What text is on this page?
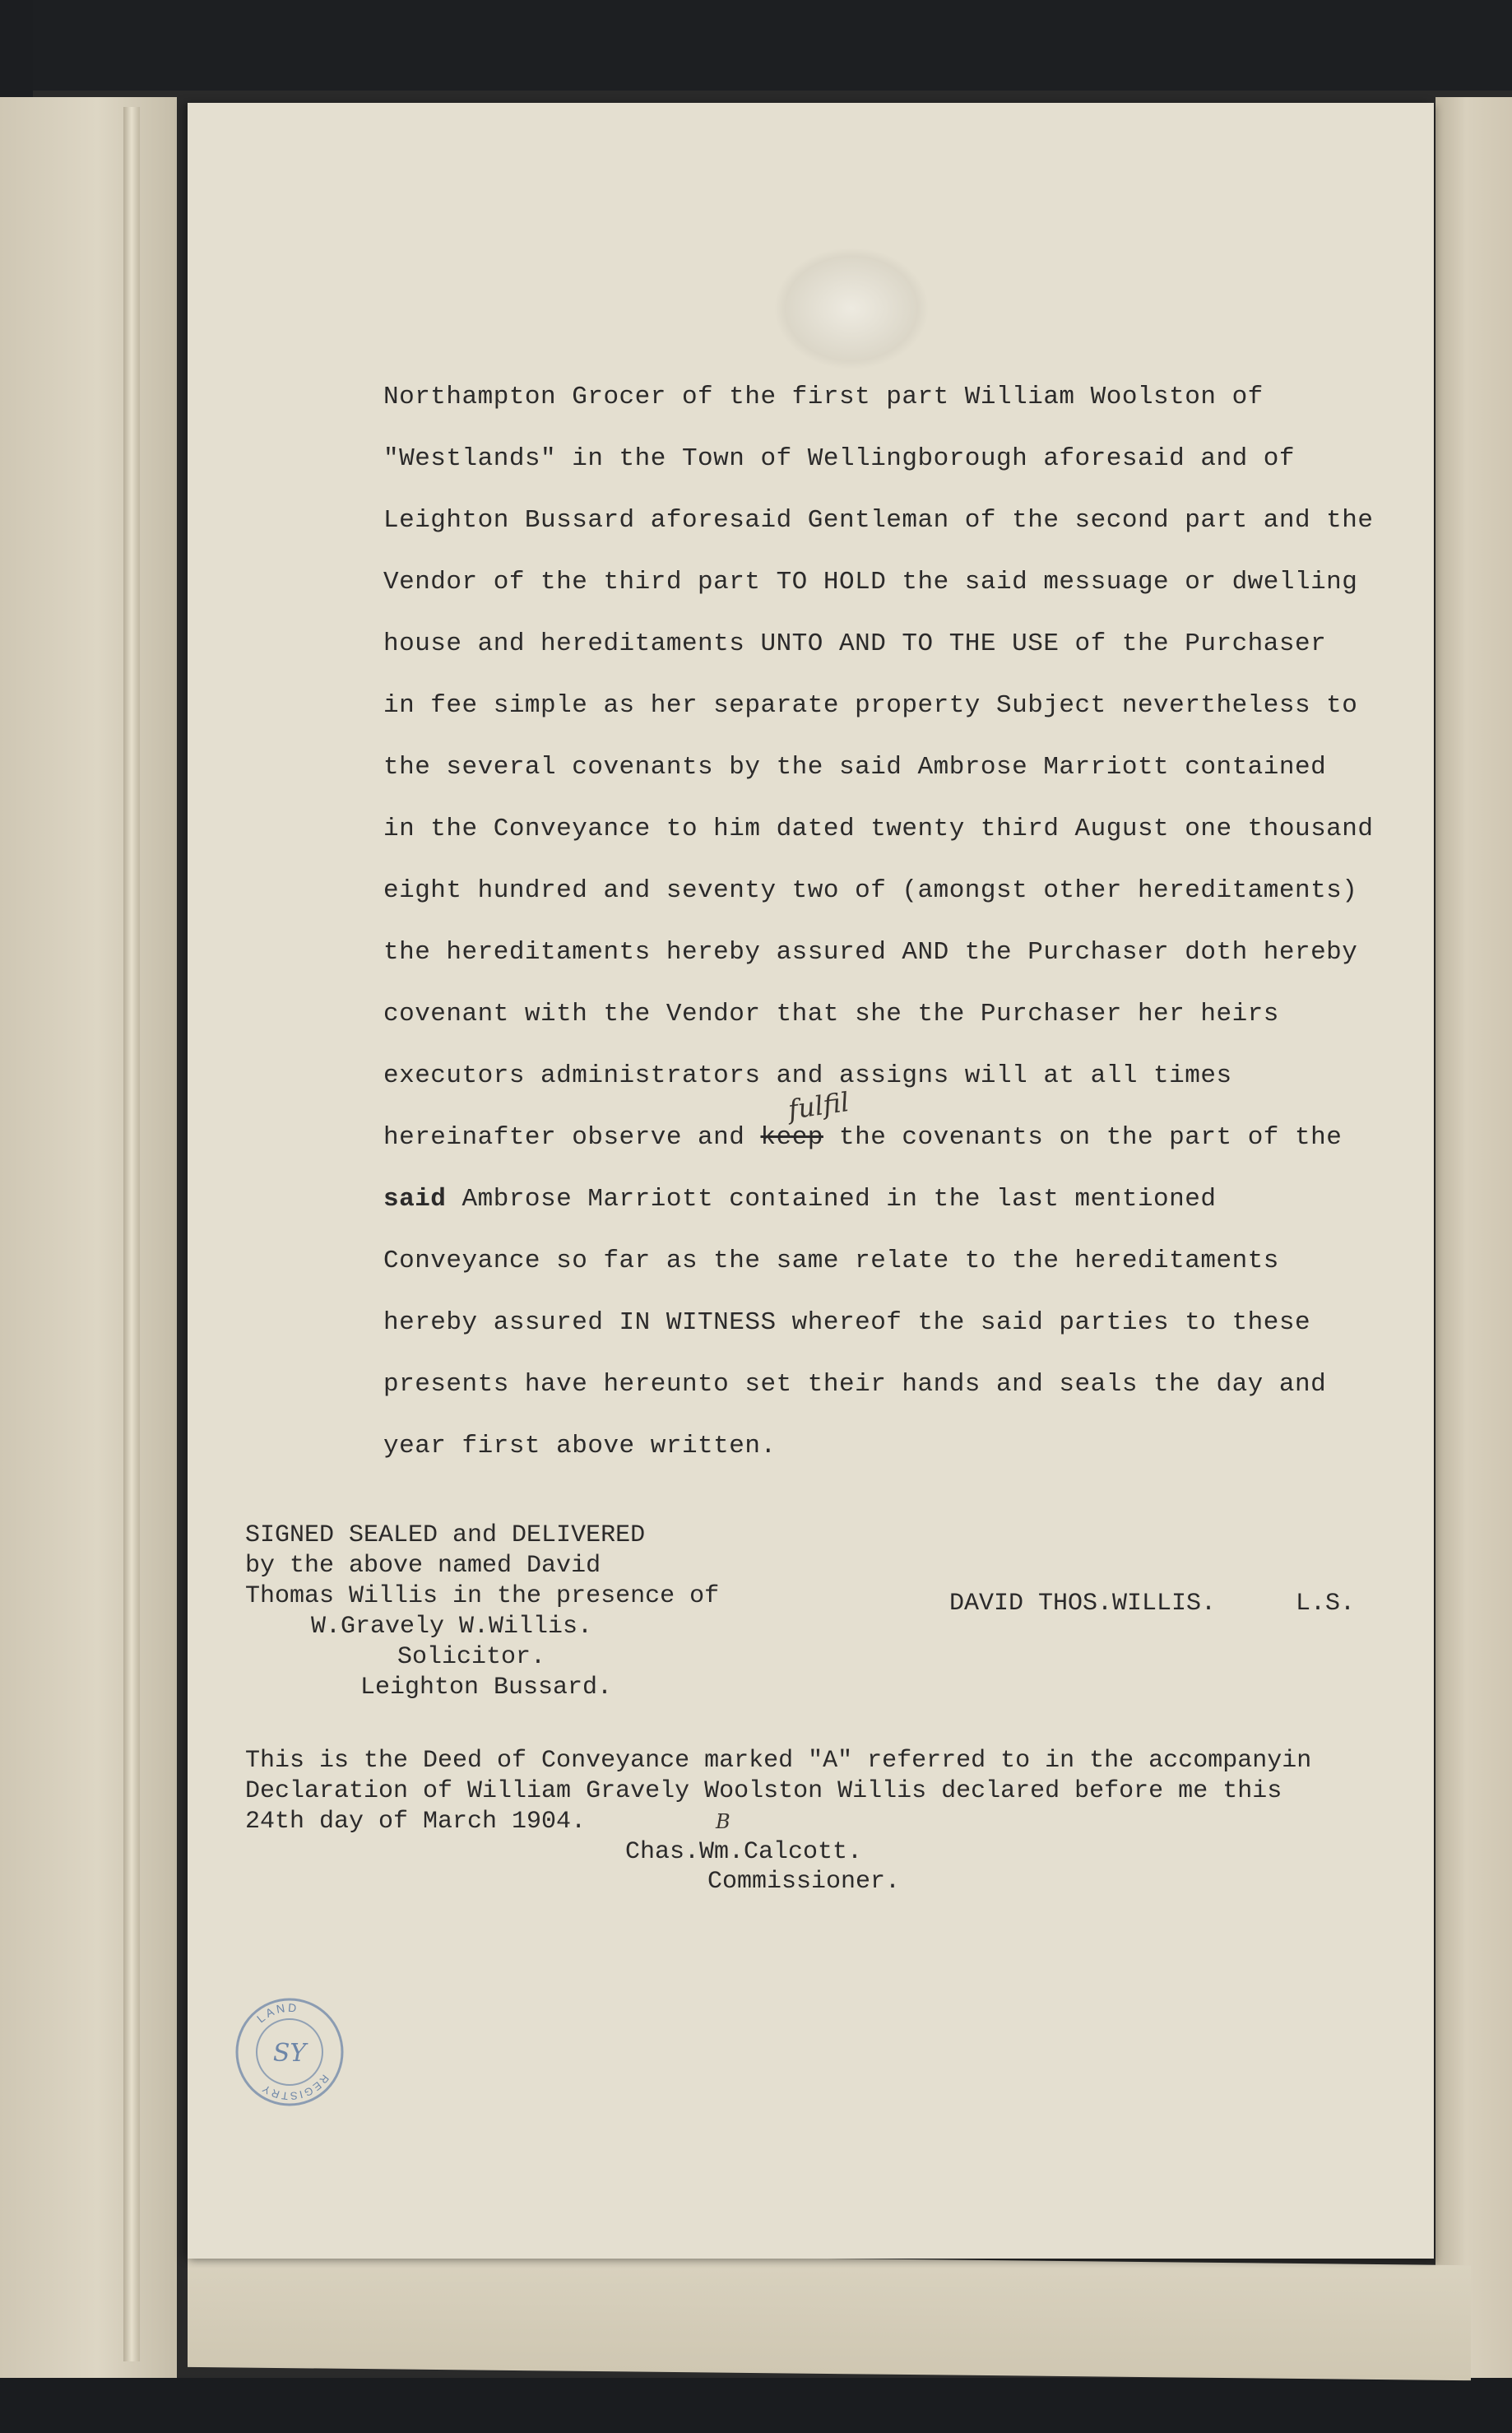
Northampton Grocer of the first part William Woolston of
"Westlands" in the Town of Wellingborough aforesaid and of
Leighton Bussard aforesaid Gentleman of the second part and the
Vendor of the third part TO HOLD the said messuage or dwelling
house and hereditaments UNTO AND TO THE USE of the Purchaser
in fee simple as her separate property Subject nevertheless to
the several covenants by the said Ambrose Marriott contained
in the Conveyance to him dated twenty third August one thousand
eight hundred and seventy two of (amongst other hereditaments)
the hereditaments hereby assured AND the Purchaser doth hereby
covenant with the Vendor that she the Purchaser her heirs
executors administrators and assigns will at all times
hereinafter observe and keep the covenants on the part of the
said Ambrose Marriott contained in the last mentioned
Conveyance so far as the same relate to the hereditaments
hereby assured IN WITNESS whereof the said parties to these
presents have hereunto set their hands and seals the day and
year first above written.
fulfil
SIGNED SEALED and DELIVERED
by the above named David
Thomas Willis in the presence of
W.Gravely W.Willis.
Solicitor.
Leighton Bussard.
DAVID THOS.WILLIS.	L.S.
This is the Deed of Conveyance marked "A" referred to in the accompanyin
Declaration of William Gravely Woolston Willis declared before me this
24th day of March 1904.	B
Chas.Wm.Calcott.
Commissioner.
LAND
REGISTRY
SY
